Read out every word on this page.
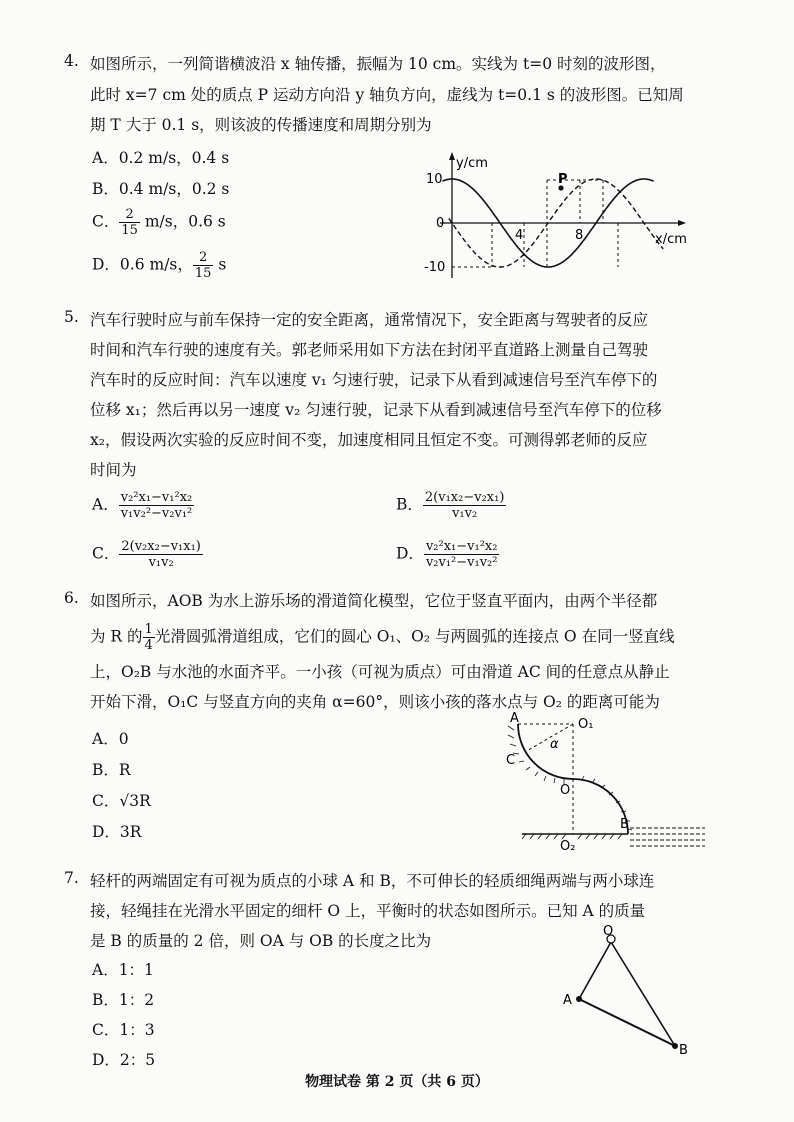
4. 如图所示，一列简谐横波沿 x 轴传播，振幅为 10 cm。实线为 t=0 时刻的波形图，
此时 x=7 cm 处的质点 P 运动方向沿 y 轴负方向，虚线为 t=0.1 s 的波形图。已知周
期 T 大于 0.1 s，则该波的传播速度和周期分别为
A．0.2 m/s，0.4 s
B．0.4 m/s，0.2 s
C． $\frac{2}{15} m/s$，0.6 s
D．0.6 m/s， $\frac{2}{15}$ s
P
y/cm
x/cm
10
0
-10
4	8
5. 汽车行驶时应与前车保持一定的安全距离，通常情况下，安全距离与驾驶者的反应
时间和汽车行驶的速度有关。郭老师采用如下方法在封闭平直道路上测量自己驾驶
汽车时的反应时间：汽车以速度 v₁ 匀速行驶，记录下从看到减速信号至汽车停下的
位移 x₁；然后再以另一速度 v₂ 匀速行驶，记录下从看到减速信号至汽车停下的位移
x₂，假设两次实验的反应时间不变，加速度相同且恒定不变。可测得郭老师的反应
时间为
A． $\frac{\text{v₂²x₁−v₁²x₂}}{\text{v₁v₂²−v₂v₁²}}$	B． $\frac{\text{2(v₁x₂−v₂x₁)}}{\text{v₁v₂}}$
C． $\frac{\text{2(v₂x₂−v₁x₁)}}{\text{v₁v₂}}$	D． $\frac{\text{v₂²x₁−v₁²x₂}}{\text{v₂v₁²−v₁v₂²}}$
6. 如图所示，AOB 为水上游乐场的滑道简化模型，它位于竖直平面内，由两个半径都
为 R 的 $\frac{1}{4}$ 光滑圆弧滑道组成，它们的圆心 O₁、O₂ 与两圆弧的连接点 O 在同一竖直线
上，O₂B 与水池的水面齐平。一小孩（可视为质点）可由滑道 AC 间的任意点从静止
开始下滑，O₁C 与竖直方向的夹角 α=60°，则该小孩的落水点与 O₂ 的距离可能为
A．0
B．R
C．√3R
D．3R
A	O₁
α
C
O
O₂
B
7. 轻杆的两端固定有可视为质点的小球 A 和 B，不可伸长的轻质细绳两端与两小球连
接，轻绳挂在光滑水平固定的细杆 O 上，平衡时的状态如图所示。已知 A 的质量
是 B 的质量的 2 倍，则 OA 与 OB 的长度之比为
A．1：1
B．1：2
C．1：3
D．2：5
O
A
B
物理试卷 第 2 页（共 6 页）
